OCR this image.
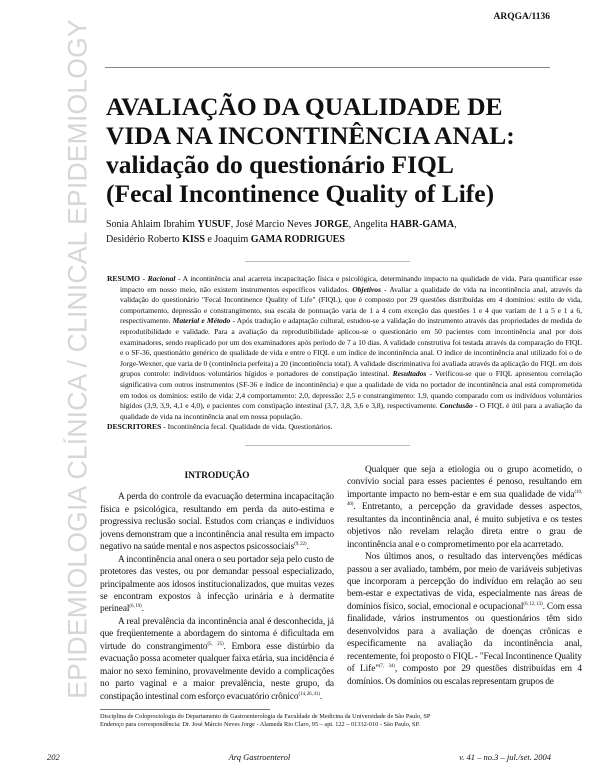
EPIDEMIOLOGIA CLÍNICA / CLINICAL EPIDEMIOLOGY
ARQGA/1136
AVALIAÇÃO DA QUALIDADE DE
VIDA NA INCONTINÊNCIA ANAL:
validação do questionário FIQL
(Fecal Incontinence Quality of Life)
Sonia Ahlaim Ibrahim YUSUF, José Marcio Neves JORGE, Angelita HABR-GAMA,
Desidério Roberto KISS e Joaquim GAMA RODRIGUES
RESUMO - Racional - A incontinência anal acarreta incapacitação física e psicológica, determinando impacto na qualidade de vida. Para quantificar esse impacto em nosso meio, não existem instrumentos específicos validados. Objetivos - Avaliar a qualidade de vida na incontinência anal, através da validação do questionário "Fecal Incontinence Quality of Life" (FIQL), que é composto por 29 questões distribuídas em 4 domínios: estilo de vida, comportamento, depressão e constrangimento, sua escala de pontuação varia de 1 a 4 com exceção das questões 1 e 4 que variam de 1 a 5 e 1 a 6, respectivamente. Material e Método - Após tradução e adaptação cultural, estudou-se a validação do instrumento através das propriedades de medida de reprodutibilidade e validade. Para a avaliação da reprodutibilidade aplicou-se o questionário em 50 pacientes com incontinência anal por dois examinadores, sendo reaplicado por um dos examinadores após período de 7 a 10 dias. A validade construtiva foi testada através da comparação do FIQL e o SF-36, questionário genérico de qualidade de vida e entre o FIQL e um índice de incontinência anal. O índice de incontinência anal utilizado foi o de Jorge-Wexner, que varia de 0 (continência perfeita) a 20 (incontinência total). A validade discriminativa foi avaliada através da aplicação do FIQL em dois grupos controle: indivíduos voluntários hígidos e portadores de constipação intestinal. Resultados - Verificou-se que o FIQL apresentou correlação significativa com outros instrumentos (SF-36 e índice de incontinência) e que a qualidade de vida no portador de incontinência anal está comprometida em todos os domínios: estilo de vida: 2,4 comportamento: 2,0, depressão: 2,5 e constrangimento: 1,9, quando comparado com os indivíduos voluntários hígidos (3,9, 3,9, 4,1 e 4,0), e pacientes com constipação intestinal (3,7, 3,8, 3,6 e 3,8), respectivamente. Conclusão - O FIQL é útil para a avaliação da qualidade de vida na incontinência anal em nossa população.
DESCRITORES - Incontinência fecal. Qualidade de vida. Questionários.
INTRODUÇÃO

A perda do controle da evacuação determina incapacitação física e psicológica, resultando em perda da auto-estima e progressiva reclusão social. Estudos com crianças e indivíduos jovens demonstram que a incontinência anal resulta em impacto negativo na saúde mental e nos aspectos psicossociais$^{(9, 22)}$.

A incontinência anal onera o seu portador seja pelo custo de protetores das vestes, ou por demandar pessoal especializado, principalmente aos idosos institucionalizados, que muitas vezes se encontram expostos à infecção urinária e à dermatite perineal$^{(6, 19)}$.

A real prevalência da incontinência anal é desconhecida, já que freqüentemente a abordagem do sintoma é dificultada em virtude do constrangimento$^{(5, 25)}$. Embora esse distúrbio da evacuação possa acometer qualquer faixa etária, sua incidência é maior no sexo feminino, provavelmente devido a complicações no parto vaginal e a maior prevalência, neste grupo, da constipação intestinal com esforço evacuatório crônico$^{(14, 26, 41)}$.

Qualquer que seja a etiologia ou o grupo acometido, o convívio social para esses pacientes é penoso, resultando em importante impacto no bem-estar e em sua qualidade de vida$^{(10, 40)}$. Entretanto, a percepção da gravidade desses aspectos, resultantes da incontinência anal, é muito subjetiva e os testes objetivos não revelam relação direta entre o grau de incontinência anal e o comprometimento por ela acarretado.

Nos últimos anos, o resultado das intervenções médicas passou a ser avaliado, também, por meio de variáveis subjetivas que incorporam a percepção do indivíduo em relação ao seu bem-estar e expectativas de vida, especialmente nas áreas de domínios físico, social, emocional e ocupacional$^{(6, 12, 13)}$. Com essa finalidade, vários instrumentos ou questionários têm sido desenvolvidos para a avaliação de doenças crônicas e especificamente na avaliação da incontinência anal, recentemente, foi proposto o FIQL - "Fecal Incontinence Quality of Life"$^{(7, 34)}$, composto por 29 questões distribuídas em 4 domínios. Os domínios ou escalas representam grupos de

Disciplina de Coloproctologia do Departamento de Gastroenterologia da Faculdade de Medicina da Universidade de São Paulo, SP
Endereço para correspondência: Dr. José Márcio Neves Jorge - Alameda Rio Claro, 95 – apt. 122 – 01332-010 - São Paulo, SP.
202	Arq Gastroenterol	v. 41 – no.3 – jul./set. 2004
